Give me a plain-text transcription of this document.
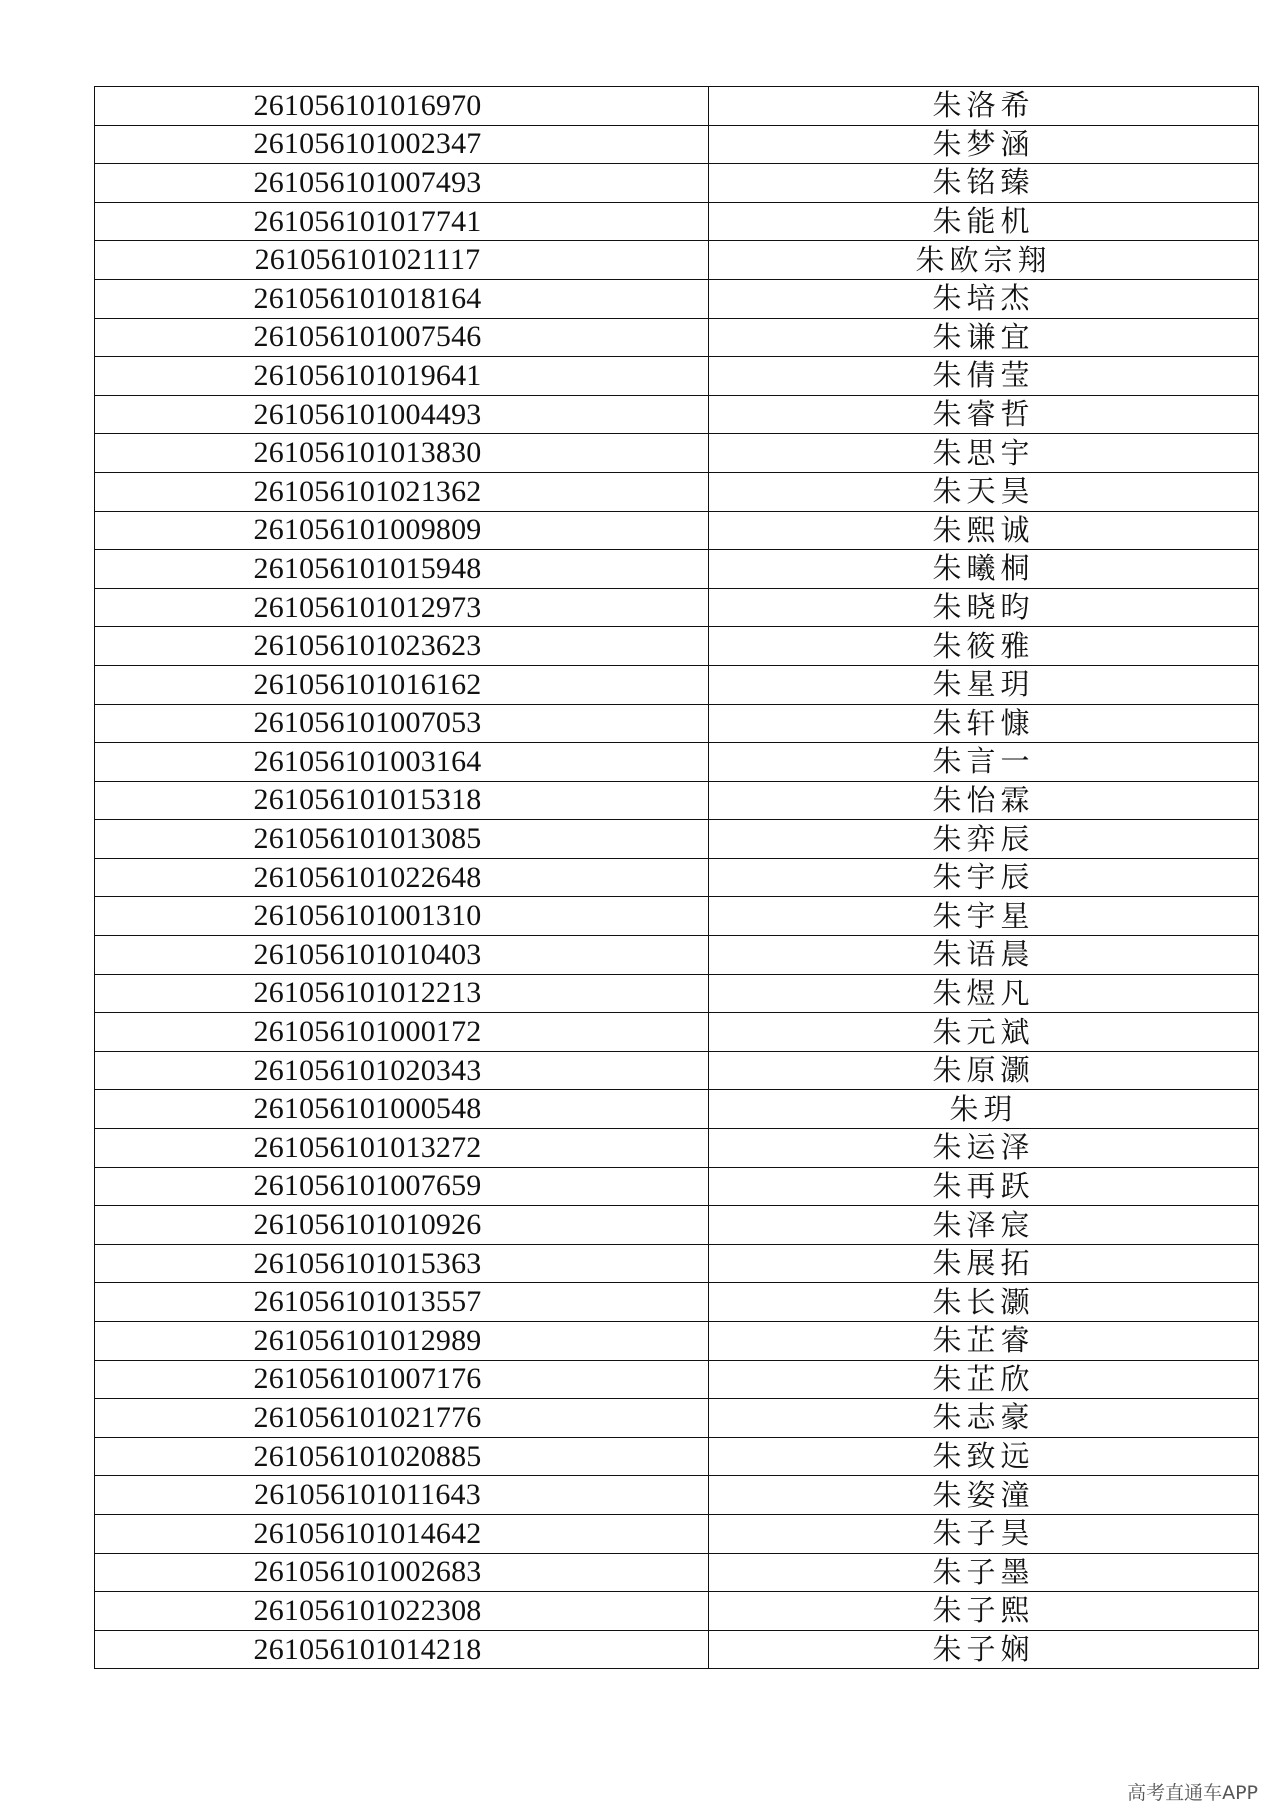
261056101016970	朱洛希
261056101002347	朱梦涵
261056101007493	朱铭臻
261056101017741	朱能机
261056101021117	朱欧宗翔
261056101018164	朱培杰
261056101007546	朱谦宜
261056101019641	朱倩莹
261056101004493	朱睿哲
261056101013830	朱思宇
261056101021362	朱天昊
261056101009809	朱熙诚
261056101015948	朱曦桐
261056101012973	朱晓昀
261056101023623	朱筱雅
261056101016162	朱星玥
261056101007053	朱轩慷
261056101003164	朱言一
261056101015318	朱怡霖
261056101013085	朱弈辰
261056101022648	朱宇辰
261056101001310	朱宇星
261056101010403	朱语晨
261056101012213	朱煜凡
261056101000172	朱元斌
261056101020343	朱原灏
261056101000548	朱玥
261056101013272	朱运泽
261056101007659	朱再跃
261056101010926	朱泽宸
261056101015363	朱展拓
261056101013557	朱长灏
261056101012989	朱芷睿
261056101007176	朱芷欣
261056101021776	朱志豪
261056101020885	朱致远
261056101011643	朱姿潼
261056101014642	朱子昊
261056101002683	朱子墨
261056101022308	朱子熙
261056101014218	朱子娴
高考直通车APP
